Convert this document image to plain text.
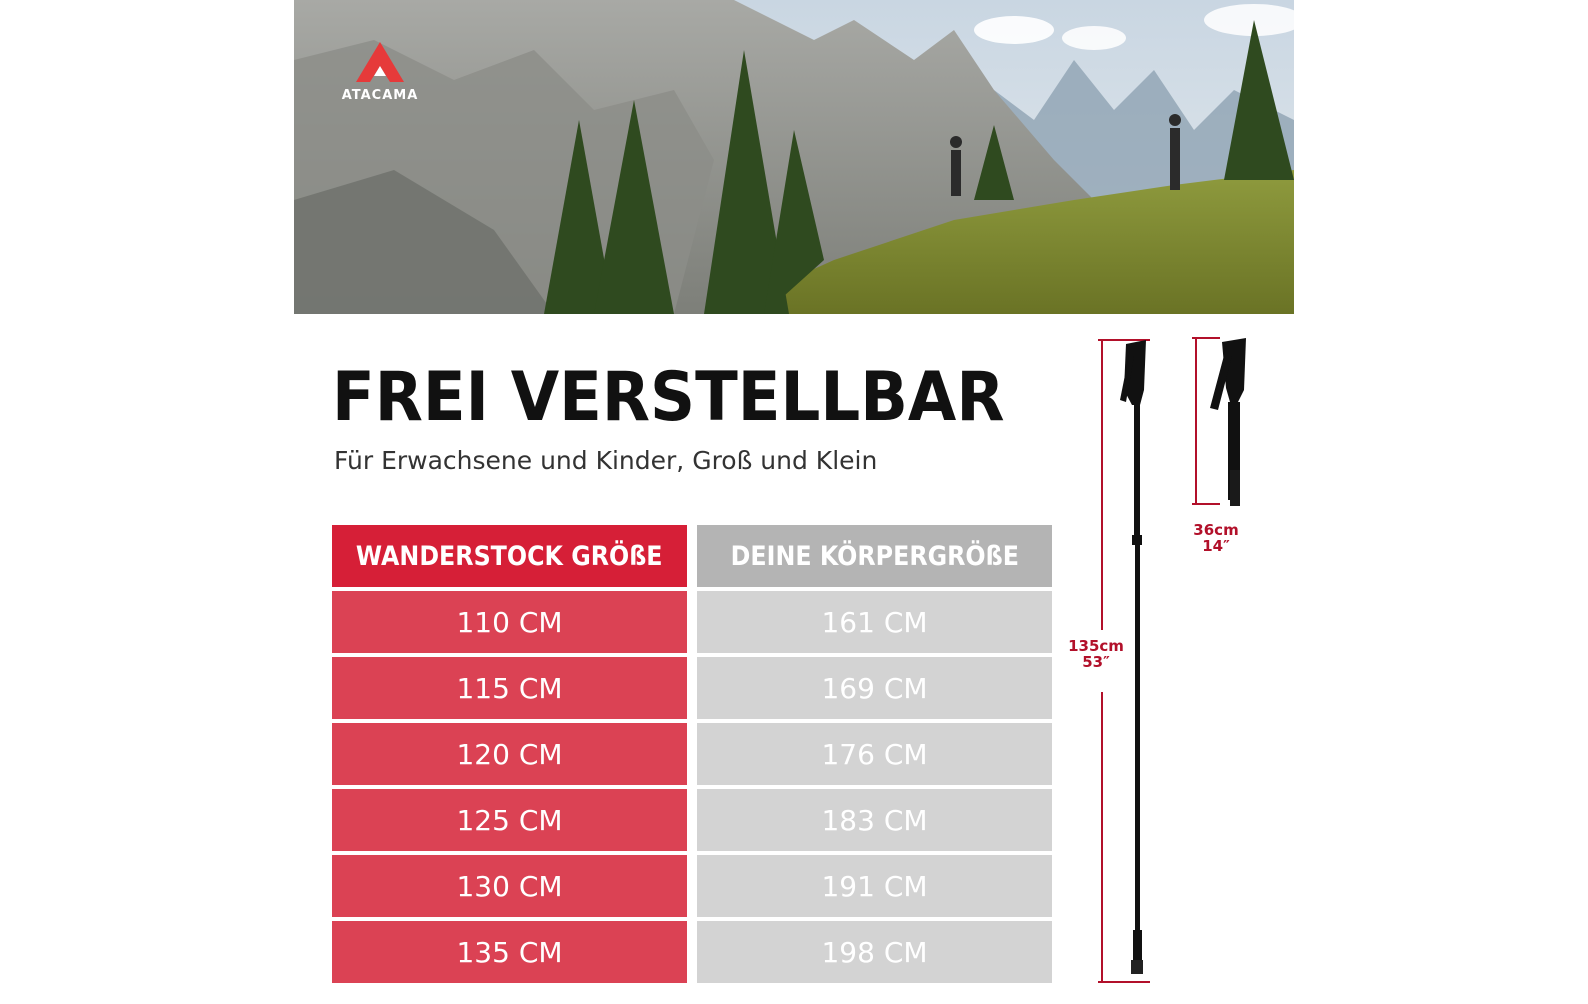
ATACAMA
FREI VERSTELLBAR
Für Erwachsene und Kinder, Groß und Klein
WANDERSTOCK GRÖßE	DEINE KÖRPERGRÖßE
110 CM	161 CM
115 CM	169 CM
120 CM	176 CM
125 CM	183 CM
130 CM	191 CM
135 CM	198 CM
135cm
53″
36cm
14″
